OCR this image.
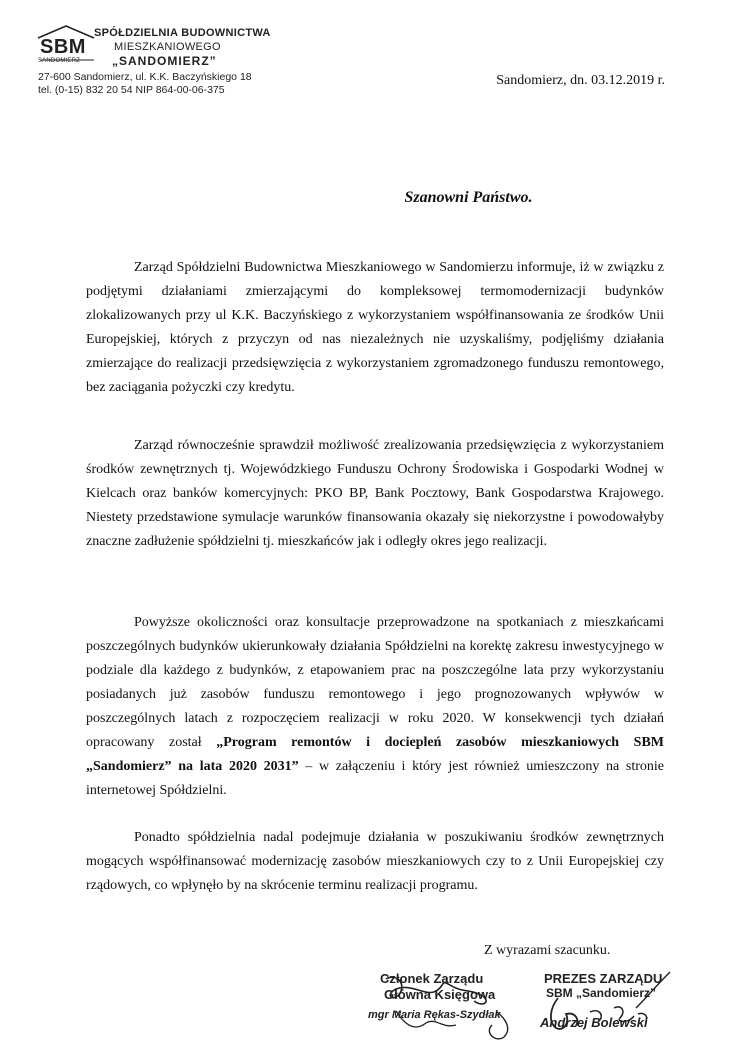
SBM
SANDOMIERZ
SPÓŁDZIELNIA BUDOWNICTWA
MIESZKANIOWEGO
„SANDOMIERZ”
27-600 Sandomierz, ul. K.K. Baczyńskiego 18
tel. (0-15) 832 20 54 NIP 864-00-06-375
Sandomierz, dn. 03.12.2019 r.
Szanowni Państwo.
Zarząd Spółdzielni Budownictwa Mieszkaniowego w Sandomierzu informuje, iż w związku z podjętymi działaniami zmierzającymi do kompleksowej termomodernizacji budynków zlokalizowanych przy ul K.K. Baczyńskiego z wykorzystaniem współfinansowania ze środków Unii Europejskiej, których z przyczyn od nas niezależnych nie uzyskaliśmy, podjęliśmy działania zmierzające do realizacji przedsięwzięcia z wykorzystaniem zgromadzonego funduszu remontowego, bez zaciągania pożyczki czy kredytu.
Zarząd równocześnie sprawdził możliwość zrealizowania przedsięwzięcia z wykorzystaniem środków zewnętrznych tj. Wojewódzkiego Funduszu Ochrony Środowiska i Gospodarki Wodnej w Kielcach oraz banków komercyjnych: PKO BP, Bank Pocztowy, Bank Gospodarstwa Krajowego. Niestety przedstawione symulacje warunków finansowania okazały się niekorzystne i powodowałyby znaczne zadłużenie spółdzielni tj. mieszkańców jak i odległy okres jego realizacji.
Powyższe okoliczności oraz konsultacje przeprowadzone na spotkaniach z mieszkańcami poszczególnych budynków ukierunkowały działania Spółdzielni na korektę zakresu inwestycyjnego w podziale dla każdego z budynków, z etapowaniem prac na poszczególne lata przy wykorzystaniu posiadanych już zasobów funduszu remontowego i jego prognozowanych wpływów w poszczególnych latach z rozpoczęciem realizacji w roku 2020. W konsekwencji tych działań opracowany został „Program remontów i dociepleń zasobów mieszkaniowych SBM „Sandomierz” na lata 2020 2031” – w załączeniu i który jest również umieszczony na stronie internetowej Spółdzielni.
Ponadto spółdzielnia nadal podejmuje działania w poszukiwaniu środków zewnętrznych mogących współfinansować modernizację zasobów mieszkaniowych czy to z Unii Europejskiej czy rządowych, co wpłynęło by na skrócenie terminu realizacji programu.
Z wyrazami szacunku.
Członek Zarządu
Główna Księgowa
mgr Maria Rękas-Szydłak
PREZES ZARZĄDU
SBM „Sandomierz”
Andrzej Bolewski
